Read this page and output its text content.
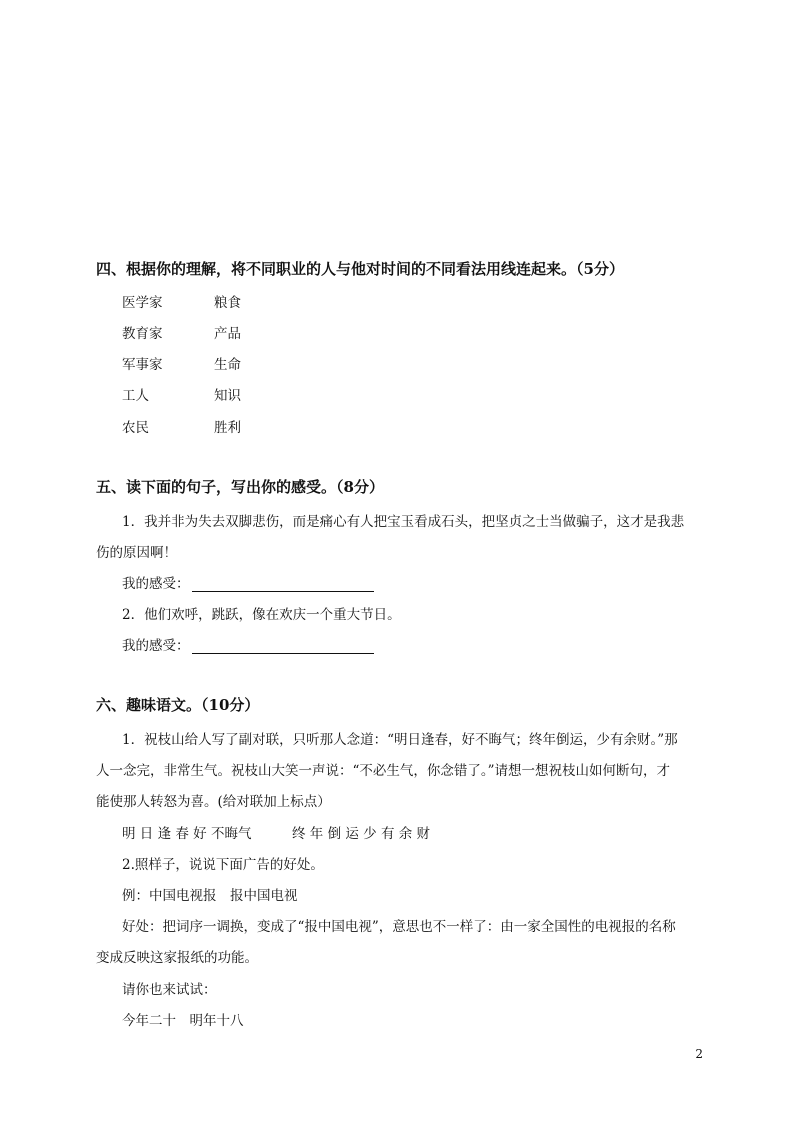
四、根据你的理解，将不同职业的人与他对时间的不同看法用线连起来。（5分）
医学家	粮食
教育家	产品
军事家	生命
工人	知识
农民	胜利
五、读下面的句子，写出你的感受。（8分）
1．我并非为失去双脚悲伤，而是痛心有人把宝玉看成石头，把坚贞之士当做骗子，这才是我悲
伤的原因啊！
我的感受：
2．他们欢呼，跳跃，像在欢庆一个重大节日。
我的感受：
六、趣味语文。（10分）
1．祝枝山给人写了副对联，只听那人念道：“明日逢春，好不晦气；终年倒运，少有余财。”那
人一念完，非常生气。祝枝山大笑一声说：“不必生气，你念错了。”请想一想祝枝山如何断句，才
能使那人转怒为喜。(给对联加上标点）
明 日 逢 春 好 不晦气	终 年 倒 运 少 有 余 财
2.照样子，说说下面广告的好处。
例：中国电视报　报中国电视
好处：把词序一调换，变成了“报中国电视”，意思也不一样了：由一家全国性的电视报的名称
变成反映这家报纸的功能。
请你也来试试：
今年二十　明年十八
2
